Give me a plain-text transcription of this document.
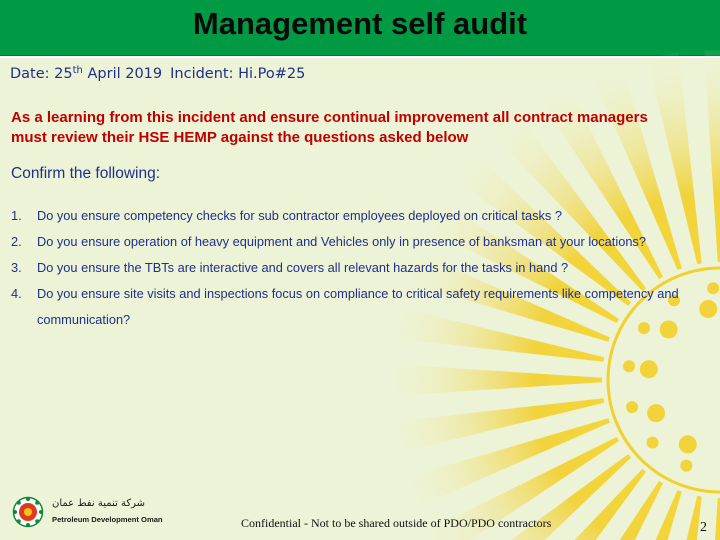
Management self audit
Date: 25th April 2019 Incident: Hi.Po#25
As a learning from this incident and ensure continual improvement all contract managers must review their HSE HEMP against the questions asked below
Confirm the following:
1. Do you ensure competency checks for sub contractor employees deployed on critical tasks ?
2. Do you ensure operation of heavy equipment and Vehicles only in presence of banksman at your locations?
3. Do you ensure the TBTs are interactive and covers all relevant hazards for the tasks in hand ?
4. Do you ensure site visits and inspections focus on compliance to critical safety requirements like competency and communication?
شركة تنمية نفط عمان
Petroleum Development Oman	Confidential - Not to be shared outside of PDO/PDO contractors	2
